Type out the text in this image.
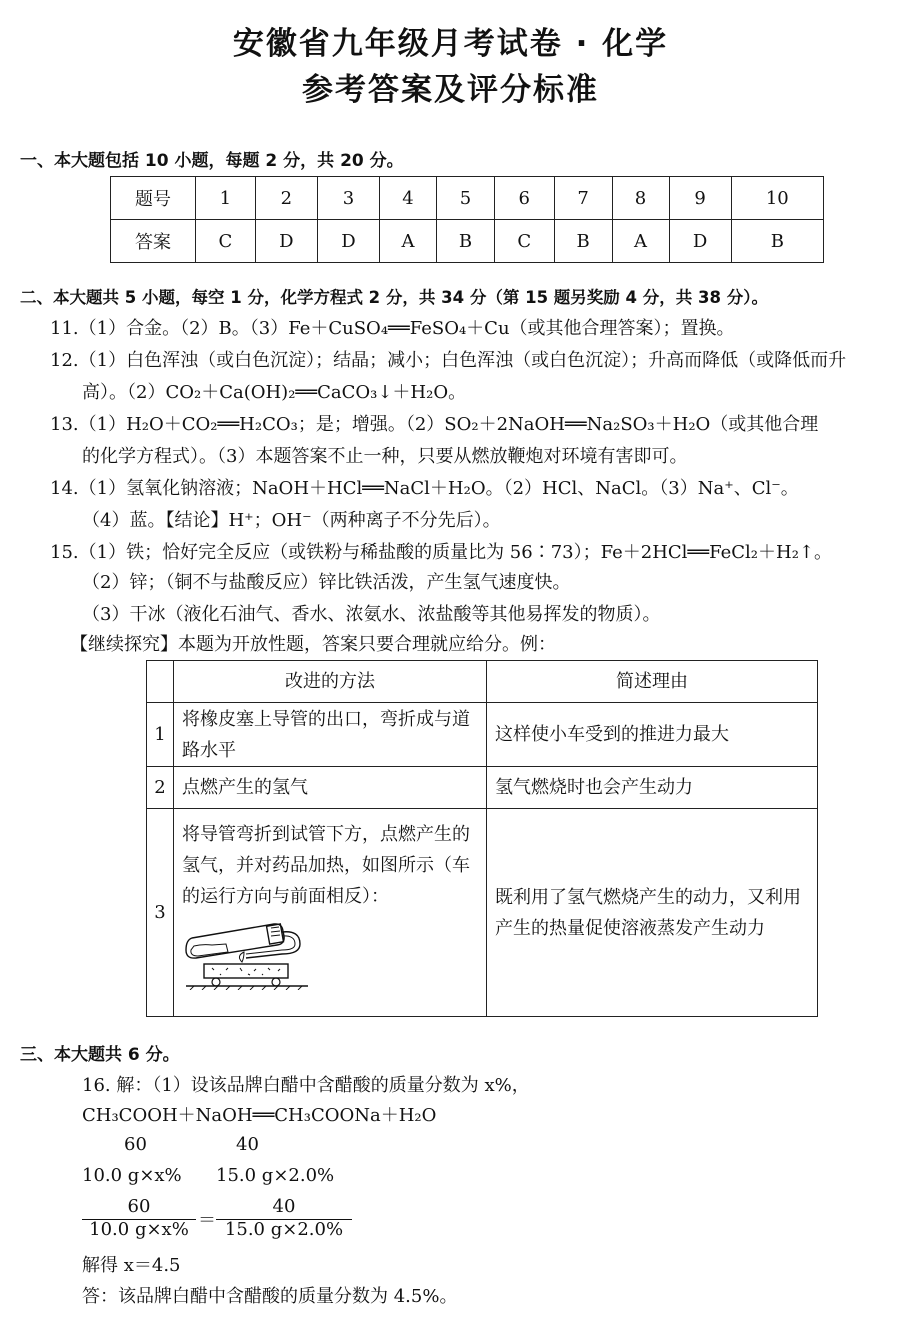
安徽省九年级月考试卷 · 化学
参考答案及评分标准
一、本大题包括 10 小题，每题 2 分，共 20 分。
题号	1	2	3	4	5	6	7	8	9	10
答案	C	D	D	A	B	C	B	A	D	B
二、本大题共 5 小题，每空 1 分，化学方程式 2 分，共 34 分（第 15 题另奖励 4 分，共 38 分）。
11.（1）合金。（2）B。（3）Fe＋CuSO₄══FeSO₄＋Cu（或其他合理答案）；置换。
12.（1）白色浑浊（或白色沉淀）；结晶；减小；白色浑浊（或白色沉淀）；升高而降低（或降低而升
高）。（2）CO₂＋Ca(OH)₂══CaCO₃↓＋H₂O。
13.（1）H₂O＋CO₂══H₂CO₃；是；增强。（2）SO₂＋2NaOH══Na₂SO₃＋H₂O（或其他合理
的化学方程式）。（3）本题答案不止一种，只要从燃放鞭炮对环境有害即可。
14.（1）氢氧化钠溶液；NaOH＋HCl══NaCl＋H₂O。（2）HCl、NaCl。（3）Na⁺、Cl⁻。
（4）蓝。【结论】H⁺；OH⁻（两种离子不分先后）。
15.（1）铁；恰好完全反应（或铁粉与稀盐酸的质量比为 56∶73）；Fe＋2HCl══FeCl₂＋H₂↑。
（2）锌；（铜不与盐酸反应）锌比铁活泼，产生氢气速度快。
（3）干冰（液化石油气、香水、浓氨水、浓盐酸等其他易挥发的物质）。
【继续探究】本题为开放性题，答案只要合理就应给分。例：
	改进的方法	简述理由
1	将橡皮塞上导管的出口，弯折成与道路水平	这样使小车受到的推进力最大
2	点燃产生的氢气	氢气燃烧时也会产生动力
3	将导管弯折到试管下方，点燃产生的氢气，并对药品加热，如图所示（车的运行方向与前面相反）：	既利用了氢气燃烧产生的动力，又利用产生的热量促使溶液蒸发产生动力
三、本大题共 6 分。
16. 解：（1）设该品牌白醋中含醋酸的质量分数为 x%，
CH₃COOH＋NaOH══CH₃COONa＋H₂O
60	40
10.0 g×x% 15.0 g×2.0%
60
10.0 g×x% ＝
40
15.0 g×2.0%
解得 x＝4.5
答：该品牌白醋中含醋酸的质量分数为 4.5%。
